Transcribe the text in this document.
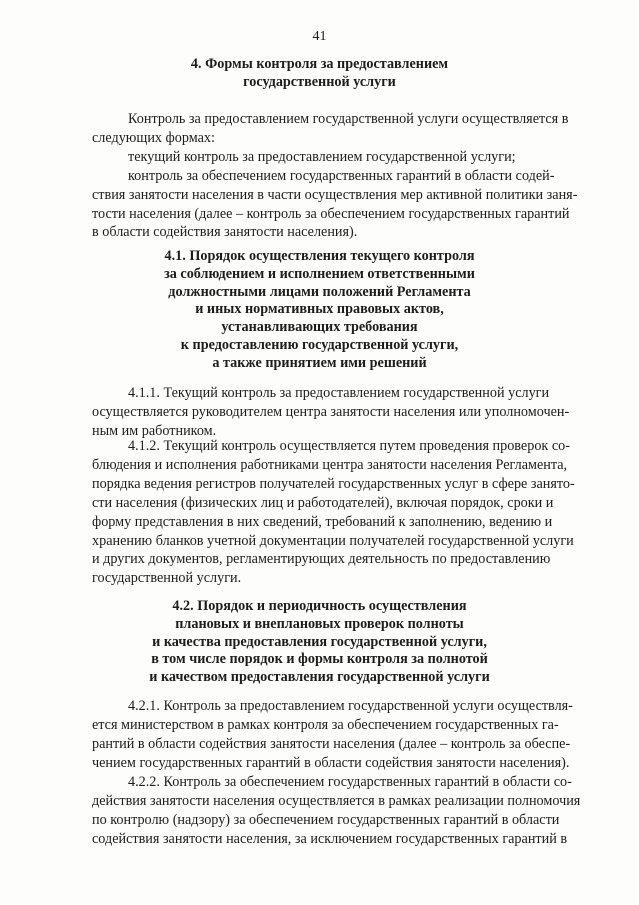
41
4. Формы контроля за предоставлением
государственной услуги
Контроль за предоставлением государственной услуги осуществляется в
следующих формах:
текущий контроль за предоставлением государственной услуги;
контроль за обеспечением государственных гарантий в области содей-
ствия занятости населения в части осуществления мер активной политики заня-
тости населения (далее – контроль за обеспечением государственных гарантий
в области содействия занятости населения).
4.1. Порядок осуществления текущего контроля
за соблюдением и исполнением ответственными
должностными лицами положений Регламента
и иных нормативных правовых актов,
устанавливающих требования
к предоставлению государственной услуги,
а также принятием ими решений
4.1.1. Текущий контроль за предоставлением государственной услуги
осуществляется руководителем центра занятости населения или уполномочен-
ным им работником.
4.1.2. Текущий контроль осуществляется путем проведения проверок со-
блюдения и исполнения работниками центра занятости населения Регламента,
порядка ведения регистров получателей государственных услуг в сфере занято-
сти населения (физических лиц и работодателей), включая порядок, сроки и
форму представления в них сведений, требований к заполнению, ведению и
хранению бланков учетной документации получателей государственной услуги
и других документов, регламентирующих деятельность по предоставлению
государственной услуги.
4.2. Порядок и периодичность осуществления
плановых и внеплановых проверок полноты
и качества предоставления государственной услуги,
в том числе порядок и формы контроля за полнотой
и качеством предоставления государственной услуги
4.2.1. Контроль за предоставлением государственной услуги осуществля-
ется министерством в рамках контроля за обеспечением государственных га-
рантий в области содействия занятости населения (далее – контроль за обеспе-
чением государственных гарантий в области содействия занятости населения).
4.2.2. Контроль за обеспечением государственных гарантий в области со-
действия занятости населения осуществляется в рамках реализации полномочия
по контролю (надзору) за обеспечением государственных гарантий в области
содействия занятости населения, за исключением государственных гарантий в
